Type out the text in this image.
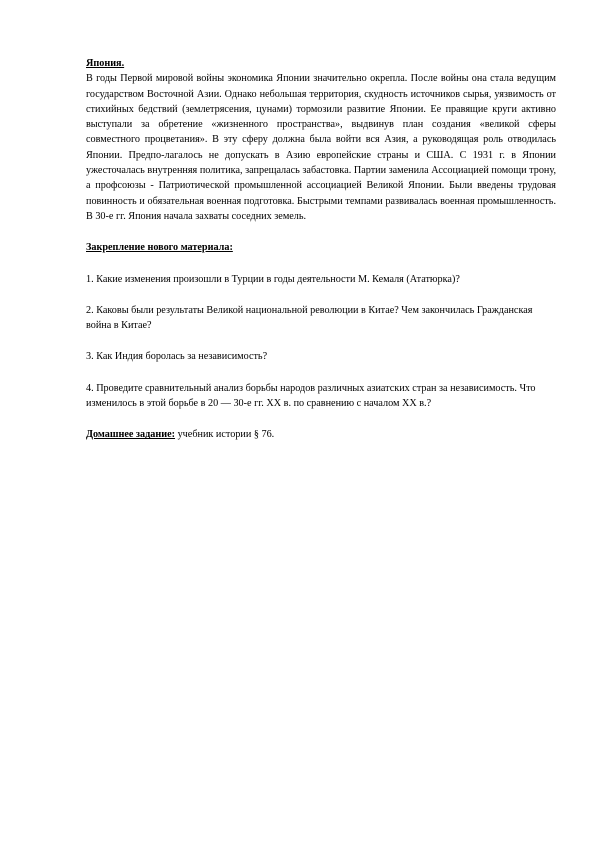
Япония.

В годы Первой мировой войны экономика Японии значительно окрепла. После войны она стала ведущим государством Восточной Азии. Однако небольшая территория, скудность источников сырья, уязвимость от стихийных бедствий (землетрясения, цунами) тормозили развитие Японии. Ее правящие круги активно выступали за обретение «жизненного пространства», выдвинув план создания «великой сферы совместного процветания». В эту сферу должна была войти вся Азия, а руководящая роль отводилась Японии. Предпо-лагалось не допускать в Азию европейские страны и США. С 1931 г. в Японии ужесточалась внутренняя политика, запрещалась забастовка. Партии заменила Ассоциацией помощи трону, а профсоюзы - Патриотической промышленной ассоциацией Великой Японии. Были введены трудовая повинность и обязательная военная подготовка. Быстрыми темпами развивалась военная промышленность. В 30-е гг. Япония начала захваты соседних земель.

Закрепление нового материала:

1. Какие изменения произошли в Турции в годы деятельности М. Кемаля (Ататюрка)?

2. Каковы были результаты Великой национальной революции в Китае? Чем закончилась Гражданская война в Китае?

3. Как Индия боролась за независимость?

4. Проведите сравнительный анализ борьбы народов различных азиатских стран за независимость. Что изменилось в этой борьбе в 20 — 30-е гг. XX в. по сравнению с началом XX в.?

Домашнее задание: учебник истории § 76.
